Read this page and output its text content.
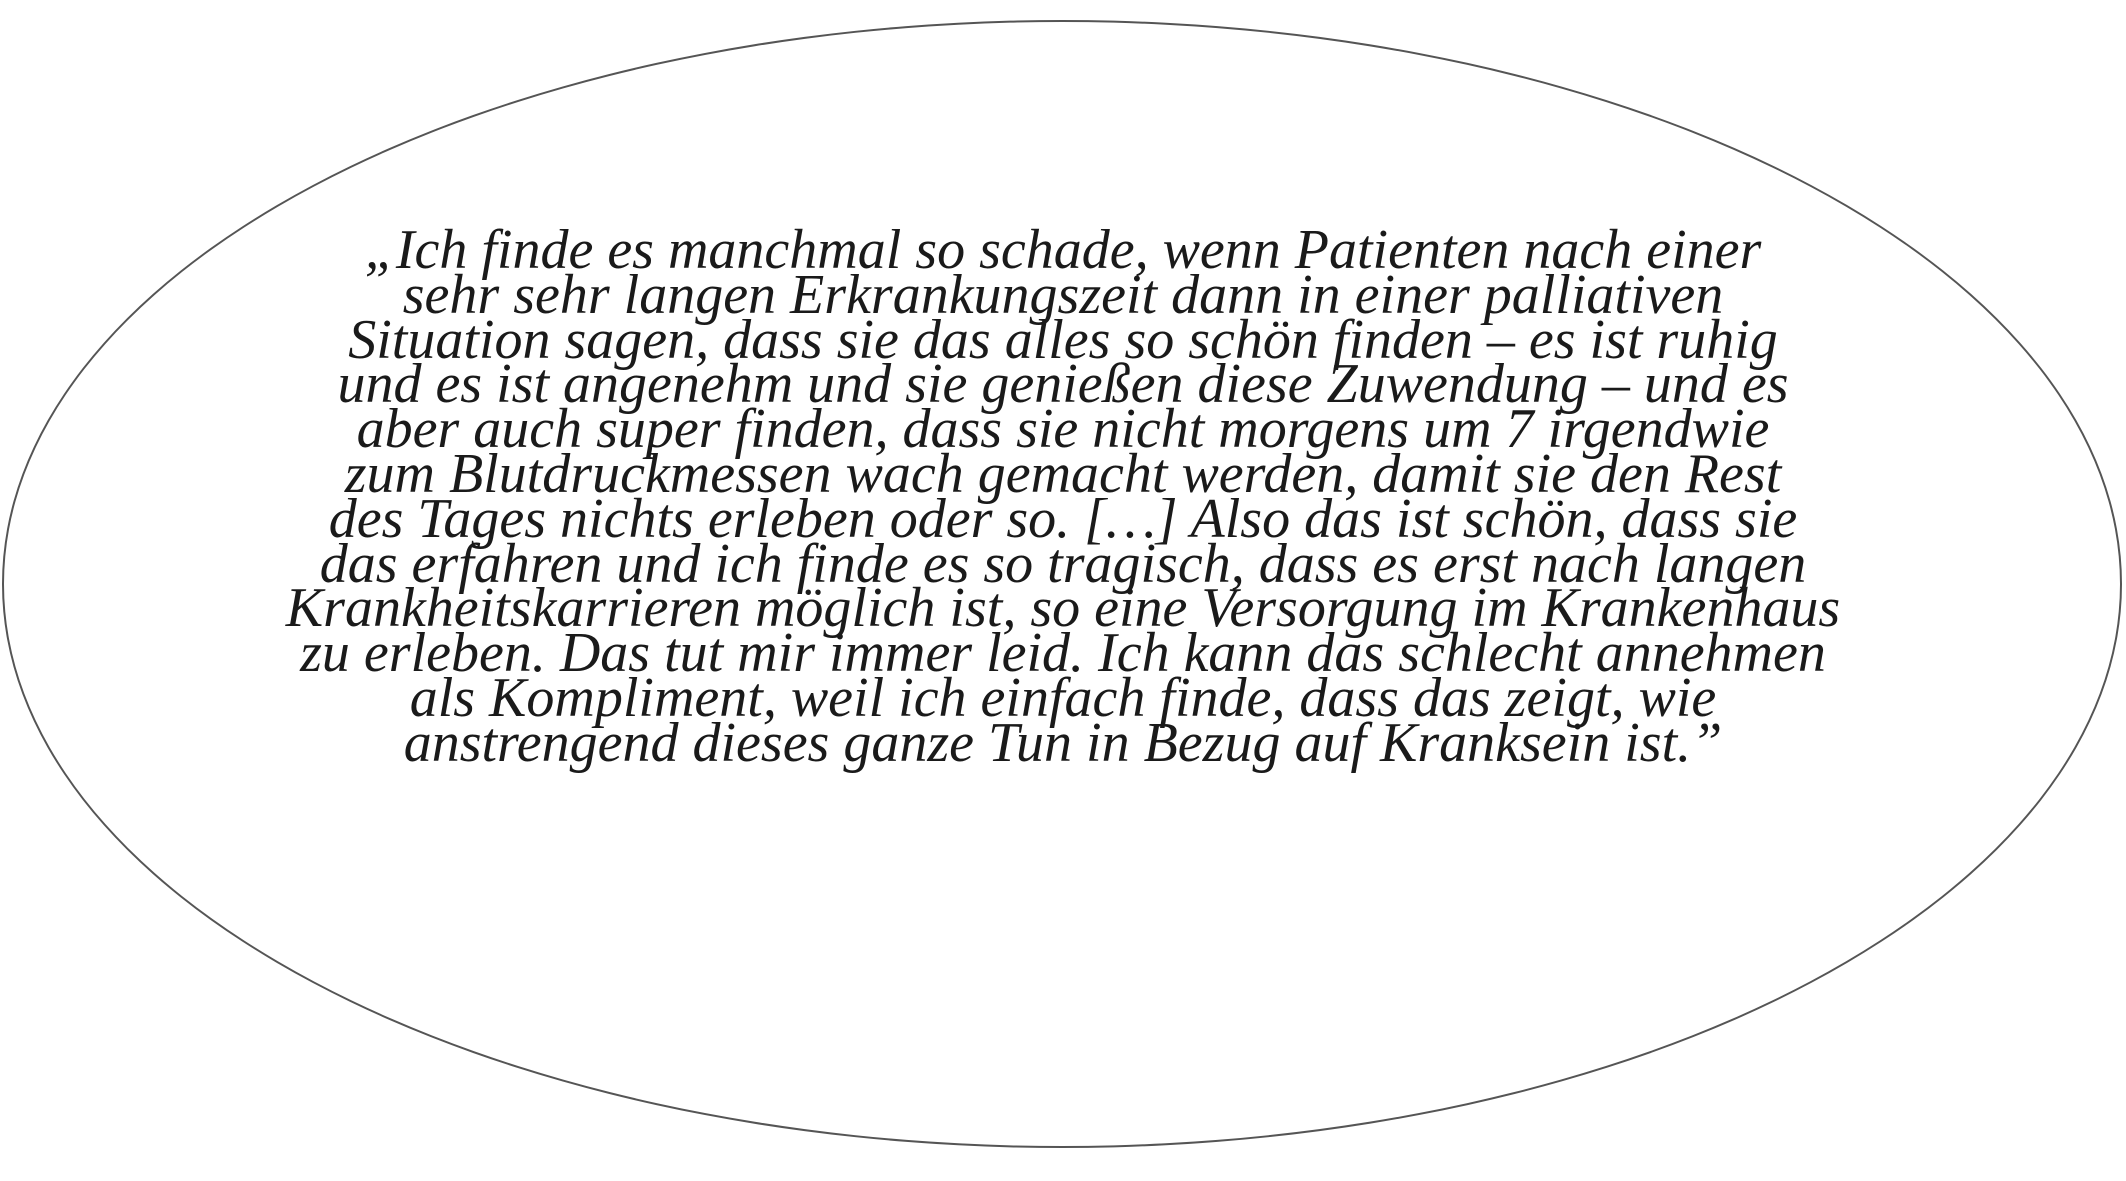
„Ich finde es manchmal so schade, wenn Patienten nach einer
sehr sehr langen Erkrankungszeit dann in einer palliativen
Situation sagen, dass sie das alles so schön finden – es ist ruhig
und es ist angenehm und sie genießen diese Zuwendung – und es
aber auch super finden, dass sie nicht morgens um 7 irgendwie
zum Blutdruckmessen wach gemacht werden, damit sie den Rest
des Tages nichts erleben oder so. […] Also das ist schön, dass sie
das erfahren und ich finde es so tragisch, dass es erst nach langen
Krankheitskarrieren möglich ist, so eine Versorgung im Krankenhaus
zu erleben. Das tut mir immer leid. Ich kann das schlecht annehmen
als Kompliment, weil ich einfach finde, dass das zeigt, wie
anstrengend dieses ganze Tun in Bezug auf Kranksein ist.”
